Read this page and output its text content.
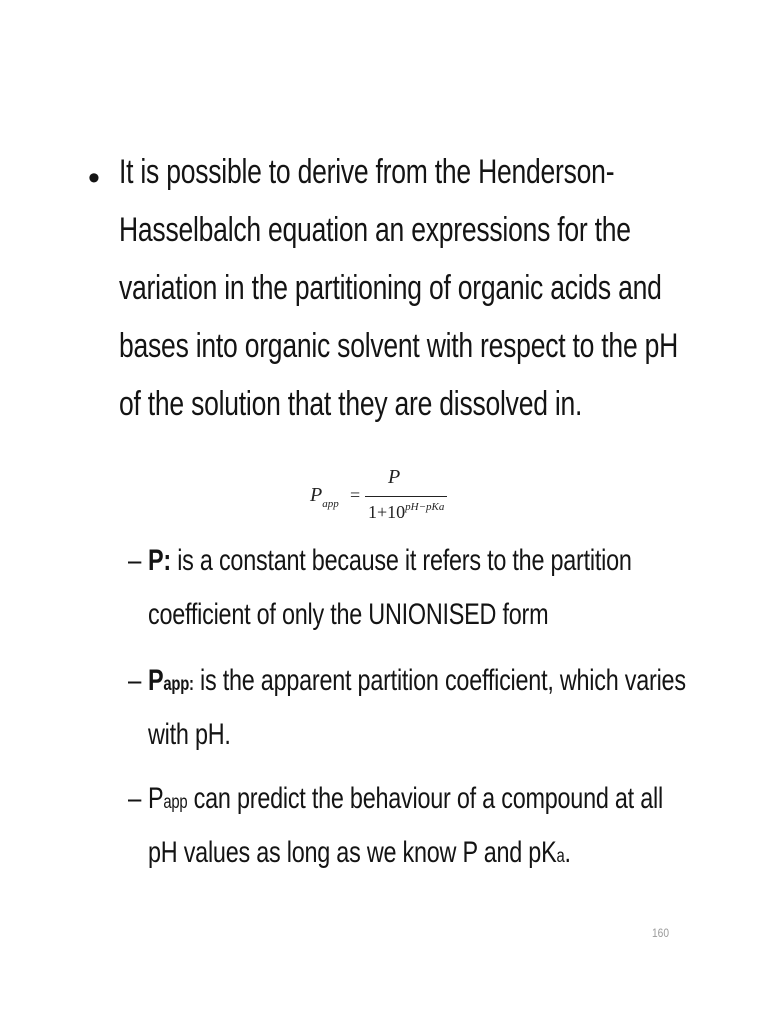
• It is possible to derive from the Henderson-
Hasselbalch equation an expressions for the
variation in the partitioning of organic acids and
bases into organic solvent with respect to the pH
of the solution that they are dissolved in.
$P_{app}$ =
P
$1+10^{pH-pKa}$
– P: is a constant because it refers to the partition
coefficient of only the UNIONISED form
– Papp: is the apparent partition coefficient, which varies
with pH.
– Papp can predict the behaviour of a compound at all
pH values as long as we know P and pKa.
160
